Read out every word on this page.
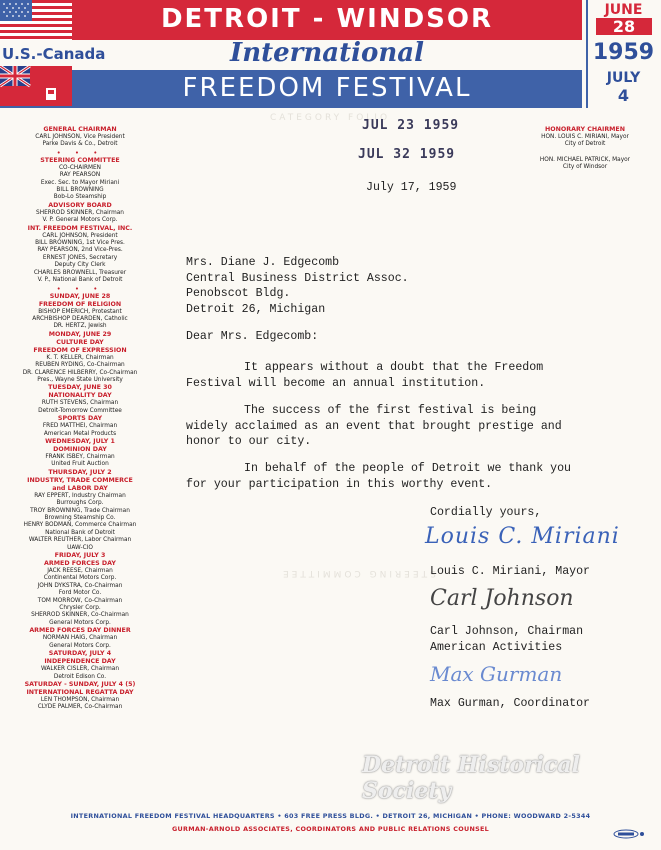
U.S.-Canada
DETROIT - WINDSOR
International
FREEDOM FESTIVAL
JUNE
28
1959
JULY
4
CATEGORY FOLIO
STEERING COMMITTEE
GENERAL CHAIRMAN
CARL JOHNSON, Vice President
Parke Davis & Co., Detroit
• • •
STEERING COMMITTEE
CO-CHAIRMEN
RAY PEARSON
Exec. Sec. to Mayor Miriani
BILL BROWNING
Bob-Lo Steamship
ADVISORY BOARD
SHERROD SKINNER, Chairman
V. P. General Motors Corp.
INT. FREEDOM FESTIVAL, INC.
CARL JOHNSON, President
BILL BROWNING, 1st Vice Pres.
RAY PEARSON, 2nd Vice-Pres.
ERNEST JONES, Secretary
Deputy City Clerk
CHARLES BROWNELL, Treasurer
V. P., National Bank of Detroit
• • •
SUNDAY, JUNE 28
FREEDOM OF RELIGION
BISHOP EMERICH, Protestant
ARCHBISHOP DEARDEN, Catholic
DR. HERTZ, Jewish
MONDAY, JUNE 29
CULTURE DAY
FREEDOM OF EXPRESSION
K. T. KELLER, Chairman
REUBEN RYDING, Co-Chairman
DR. CLARENCE HILBERRY, Co-Chairman
Pres., Wayne State University
TUESDAY, JUNE 30
NATIONALITY DAY
RUTH STEVENS, Chairman
Detroit-Tomorrow Committee
SPORTS DAY
FRED MATTHEI, Chairman
American Metal Products
WEDNESDAY, JULY 1
DOMINION DAY
FRANK ISBEY, Chairman
United Fruit Auction
THURSDAY, JULY 2
INDUSTRY, TRADE COMMERCE
and LABOR DAY
RAY EPPERT, Industry Chairman
Burroughs Corp.
TROY BROWNING, Trade Chairman
Browning Steamship Co.
HENRY BODMAN, Commerce Chairman
National Bank of Detroit
WALTER REUTHER, Labor Chairman
UAW-CIO
FRIDAY, JULY 3
ARMED FORCES DAY
JACK REESE, Chairman
Continental Motors Corp.
JOHN DYKSTRA, Co-Chairman
Ford Motor Co.
TOM MORROW, Co-Chairman
Chrysler Corp.
SHERROD SKINNER, Co-Chairman
General Motors Corp.
ARMED FORCES DAY DINNER
NORMAN HAIG, Chairman
General Motors Corp.
SATURDAY, JULY 4
INDEPENDENCE DAY
WALKER CISLER, Chairman
Detroit Edison Co.
SATURDAY - SUNDAY, JULY 4 (5)
INTERNATIONAL REGATTA DAY
LEN THOMPSON, Chairman
CLYDE PALMER, Co-Chairman
HONORARY CHAIRMEN
HON. LOUIS C. MIRIANI, Mayor
City of Detroit
HON. MICHAEL PATRICK, Mayor
City of Windsor
JUL 23 1959
JUL 32 1959
July 17, 1959
Mrs. Diane J. Edgecomb
Central Business District Assoc.
Penobscot Bldg.
Detroit 26, Michigan
Dear Mrs. Edgecomb:
It appears without a doubt that the Freedom Festival will become an annual institution.
The success of the first festival is being widely acclaimed as an event that brought prestige and honor to our city.
In behalf of the people of Detroit we thank you for your participation in this worthy event.
Cordially yours,
Louis C. Miriani
Louis C. Miriani, Mayor
Carl Johnson
Carl Johnson, Chairman
American Activities
Max Gurman
Max Gurman, Coordinator
Detroit Historical Society
INTERNATIONAL FREEDOM FESTIVAL HEADQUARTERS • 603 FREE PRESS BLDG. • DETROIT 26, MICHIGAN • PHONE: WOODWARD 2-5344
GURMAN-ARNOLD ASSOCIATES, COORDINATORS AND PUBLIC RELATIONS COUNSEL
